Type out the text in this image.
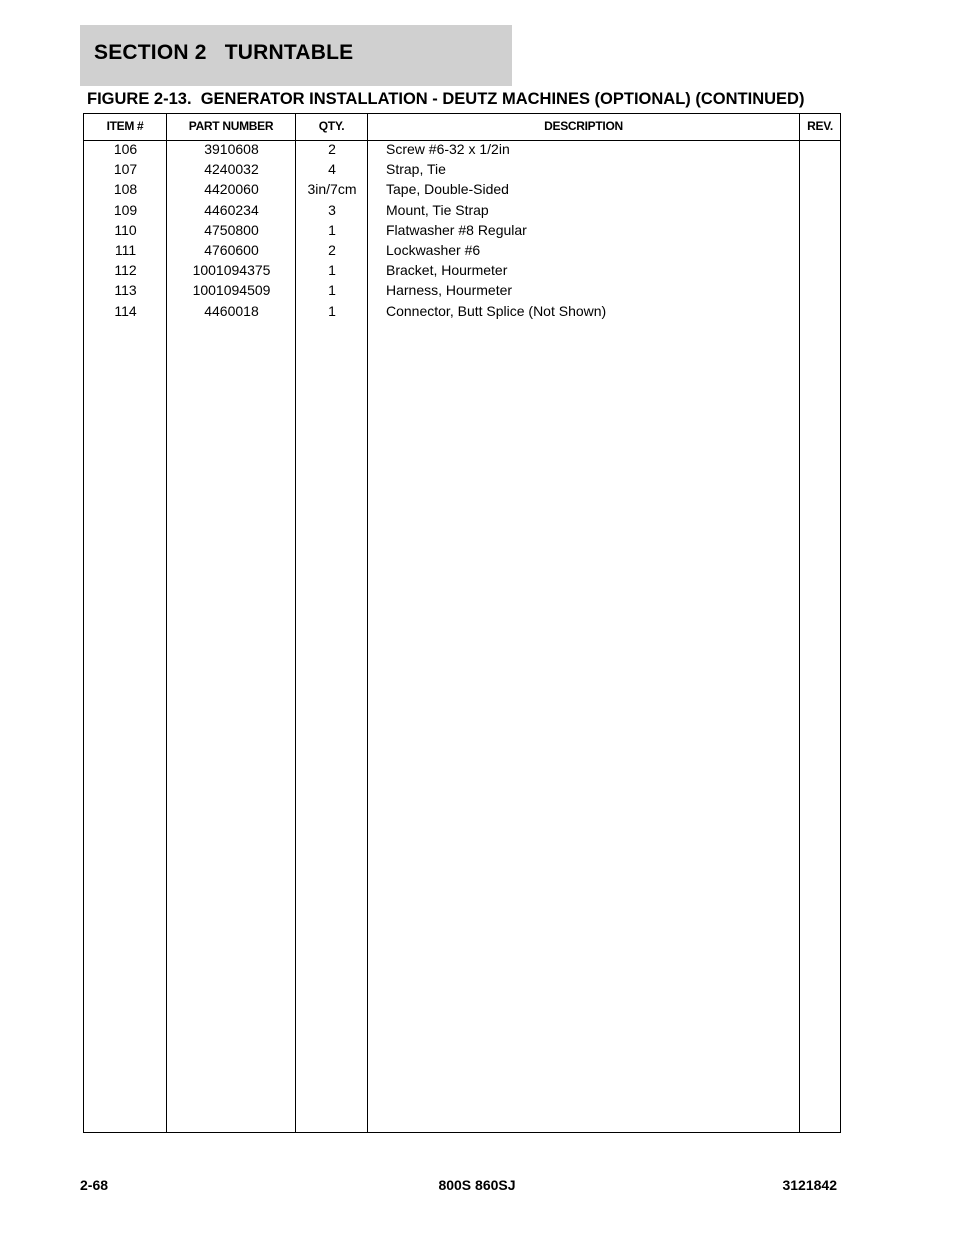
SECTION 2   TURNTABLE
FIGURE 2-13.  GENERATOR INSTALLATION - DEUTZ MACHINES (OPTIONAL) (CONTINUED)
ITEM #	PART NUMBER	QTY.	DESCRIPTION	REV.
106	3910608	2	Screw #6-32 x 1/2in
107	4240032	4	Strap, Tie
108	4420060	3in/7cm	Tape, Double-Sided
109	4460234	3	Mount, Tie Strap
110	4750800	1	Flatwasher #8 Regular
111	4760600	2	Lockwasher #6
112	1001094375	1	Bracket, Hourmeter
113	1001094509	1	Harness, Hourmeter
114	4460018	1	Connector, Butt Splice (Not Shown)
2-68	800S 860SJ	3121842
